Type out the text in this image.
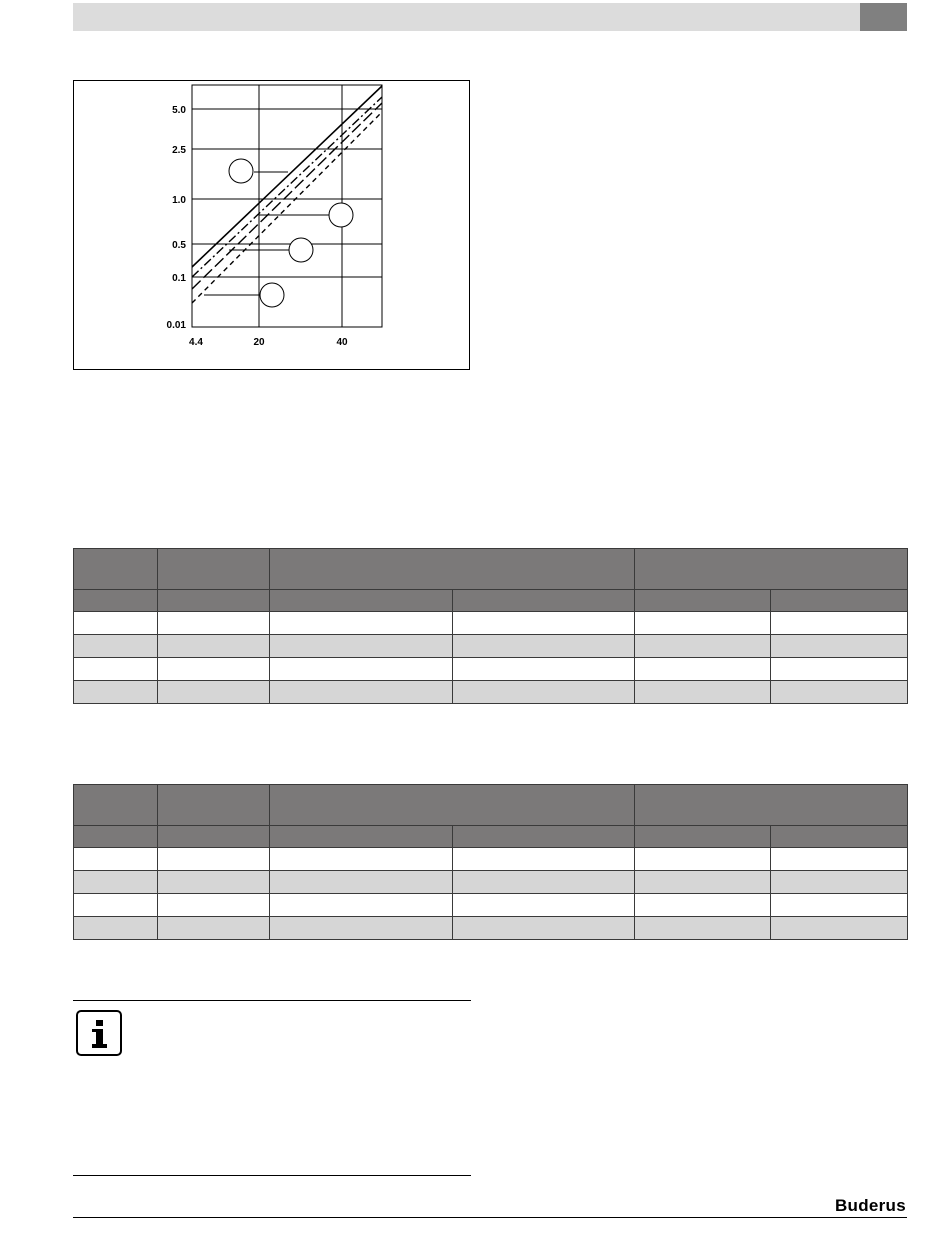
5.0
2.5
1.0
0.5
0.1
0.01
4.4	20	40

Buderus
